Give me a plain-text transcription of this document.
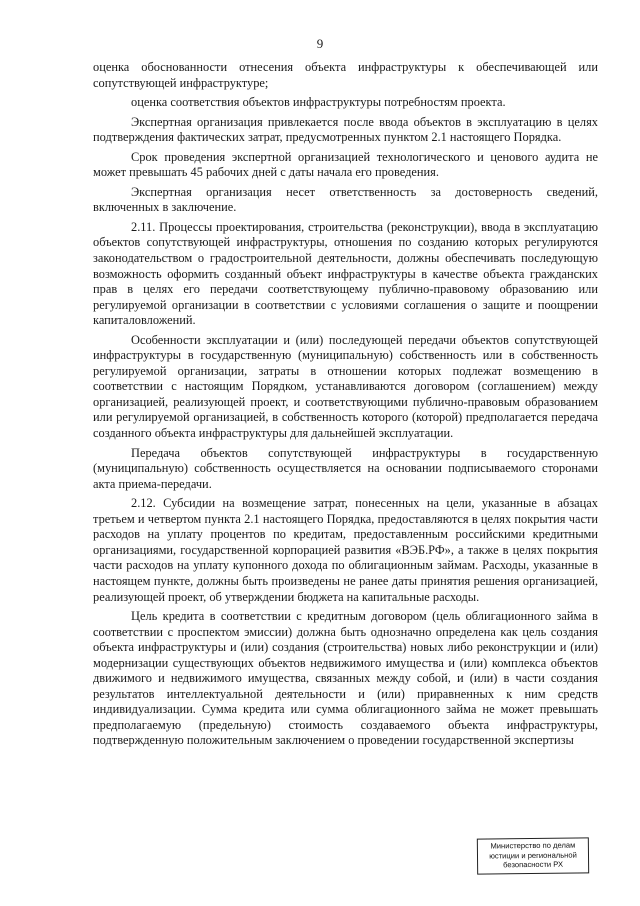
9

оценка обоснованности отнесения объекта инфраструктуры к обеспечивающей или сопутствующей инфраструктуре;

оценка соответствия объектов инфраструктуры потребностям проекта.

Экспертная организация привлекается после ввода объектов в эксплуатацию в целях подтверждения фактических затрат, предусмотренных пунктом 2.1 настоящего Порядка.

Срок проведения экспертной организацией технологического и ценового аудита не может превышать 45 рабочих дней с даты начала его проведения.

Экспертная организация несет ответственность за достоверность сведений, включенных в заключение.

2.11. Процессы проектирования, строительства (реконструкции), ввода в эксплуатацию объектов сопутствующей инфраструктуры, отношения по созданию которых регулируются законодательством о градостроительной деятельности, должны обеспечивать последующую возможность оформить созданный объект инфраструктуры в качестве объекта гражданских прав в целях его передачи соответствующему публично-правовому образованию или регулируемой организации в соответствии с условиями соглашения о защите и поощрении капиталовложений.

Особенности эксплуатации и (или) последующей передачи объектов сопутствующей инфраструктуры в государственную (муниципальную) собственность или в собственность регулируемой организации, затраты в отношении которых подлежат возмещению в соответствии с настоящим Порядком, устанавливаются договором (соглашением) между организацией, реализующей проект, и соответствующими публично-правовым образованием или регулируемой организацией, в собственность которого (которой) предполагается передача созданного объекта инфраструктуры для дальнейшей эксплуатации.

Передача объектов сопутствующей инфраструктуры в государственную (муниципальную) собственность осуществляется на основании подписываемого сторонами акта приема-передачи.

2.12. Субсидии на возмещение затрат, понесенных на цели, указанные в абзацах третьем и четвертом пункта 2.1 настоящего Порядка, предоставляются в целях покрытия части расходов на уплату процентов по кредитам, предоставленным российскими кредитными организациями, государственной корпорацией развития «ВЭБ.РФ», а также в целях покрытия части расходов на уплату купонного дохода по облигационным займам. Расходы, указанные в настоящем пункте, должны быть произведены не ранее даты принятия решения организацией, реализующей проект, об утверждении бюджета на капитальные расходы.

Цель кредита в соответствии с кредитным договором (цель облигационного займа в соответствии с проспектом эмиссии) должна быть однозначно определена как цель создания объекта инфраструктуры и (или) создания (строительства) новых либо реконструкции и (или) модернизации существующих объектов недвижимого имущества и (или) комплекса объектов движимого и недвижимого имущества, связанных между собой, и (или) в части создания результатов интеллектуальной деятельности и (или) приравненных к ним средств индивидуализации. Сумма кредита или сумма облигационного займа не может превышать предполагаемую (предельную) стоимость создаваемого объекта инфраструктуры, подтвержденную положительным заключением о проведении государственной экспертизы

Министерство по делам
юстиции и региональной
безопасности РХ
